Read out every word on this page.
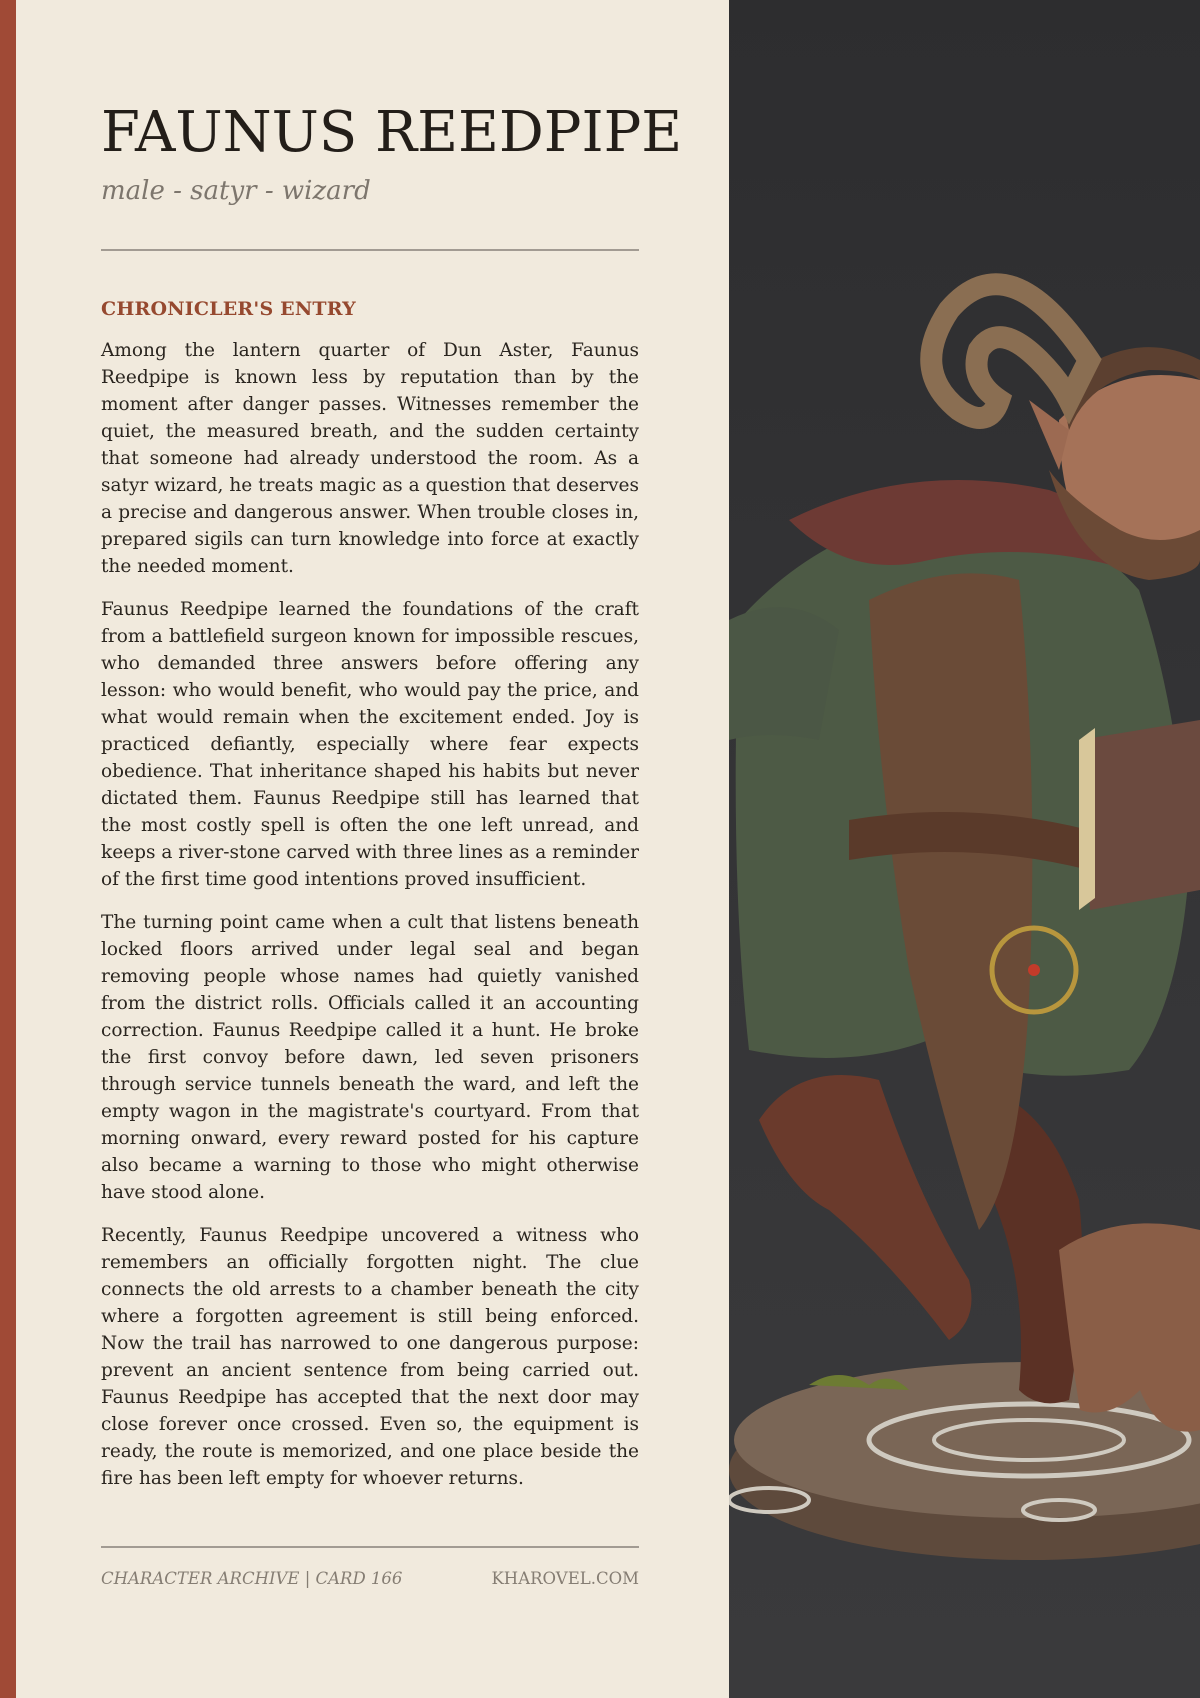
FAUNUS REEDPIPE
male - satyr - wizard
CHRONICLER'S ENTRY

Among the lantern quarter of Dun Aster, Faunus Reedpipe is known less by reputation than by the moment after danger passes. Witnesses remember the quiet, the measured breath, and the sudden certainty that someone had already understood the room. As a satyr wizard, he treats magic as a question that deserves a precise and dangerous answer. When trouble closes in, prepared sigils can turn knowledge into force at exactly the needed moment.

Faunus Reedpipe learned the foundations of the craft from a battlefield surgeon known for impossible rescues, who demanded three answers before offering any lesson: who would benefit, who would pay the price, and what would remain when the excitement ended. Joy is practiced defiantly, especially where fear expects obedience. That inheritance shaped his habits but never dictated them. Faunus Reedpipe still has learned that the most costly spell is often the one left unread, and keeps a river-stone carved with three lines as a reminder of the first time good intentions proved insufficient.

The turning point came when a cult that listens beneath locked floors arrived under legal seal and began removing people whose names had quietly vanished from the district rolls. Officials called it an accounting correction. Faunus Reedpipe called it a hunt. He broke the first convoy before dawn, led seven prisoners through service tunnels beneath the ward, and left the empty wagon in the magistrate's courtyard. From that morning onward, every reward posted for his capture also became a warning to those who might otherwise have stood alone.

Recently, Faunus Reedpipe uncovered a witness who remembers an officially forgotten night. The clue connects the old arrests to a chamber beneath the city where a forgotten agreement is still being enforced. Now the trail has narrowed to one dangerous purpose: prevent an ancient sentence from being carried out. Faunus Reedpipe has accepted that the next door may close forever once crossed. Even so, the equipment is ready, the route is memorized, and one place beside the fire has been left empty for whoever returns.

CHARACTER ARCHIVE | CARD 166	KHAROVEL.COM
